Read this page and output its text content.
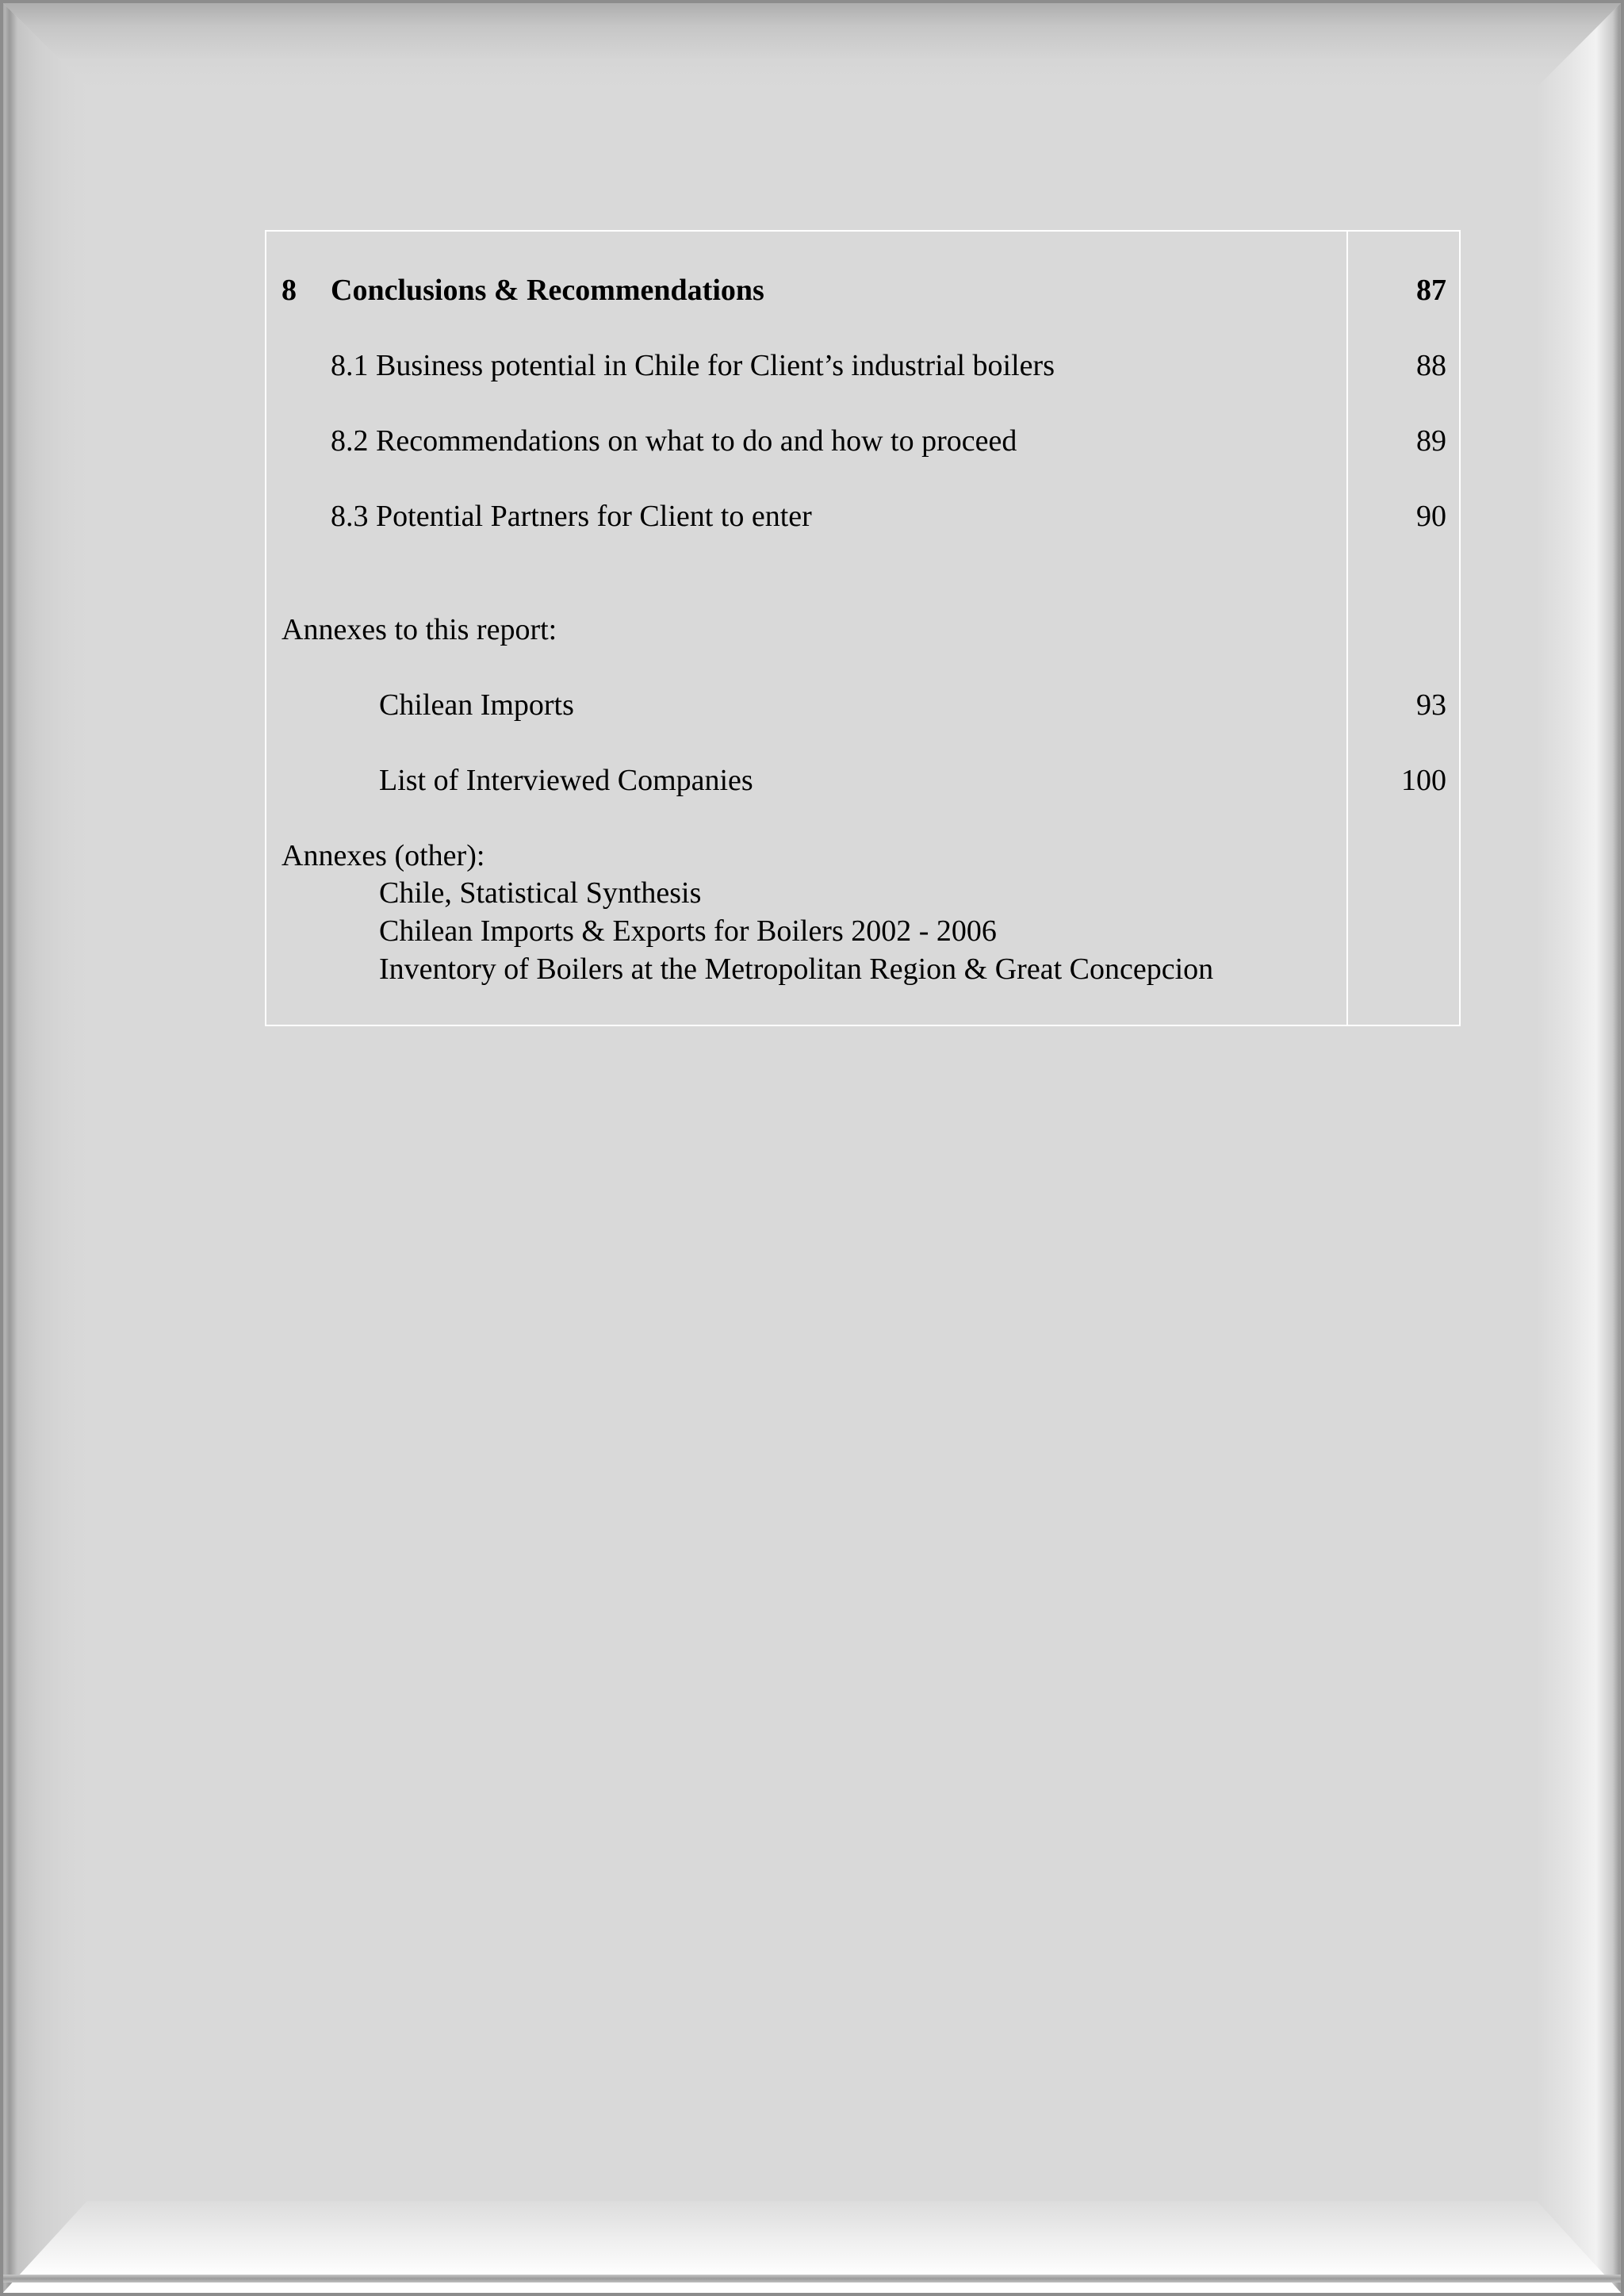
8 Conclusions & Recommendations	87
8.1 Business potential in Chile for Client’s industrial boilers	88
8.2 Recommendations on what to do and how to proceed	89
8.3 Potential Partners for Client to enter	90
Annexes to this report:
Chilean Imports	93
List of Interviewed Companies	100
Annexes (other):
Chile, Statistical Synthesis
Chilean Imports & Exports for Boilers 2002 - 2006
Inventory of Boilers at the Metropolitan Region & Great Concepcion
